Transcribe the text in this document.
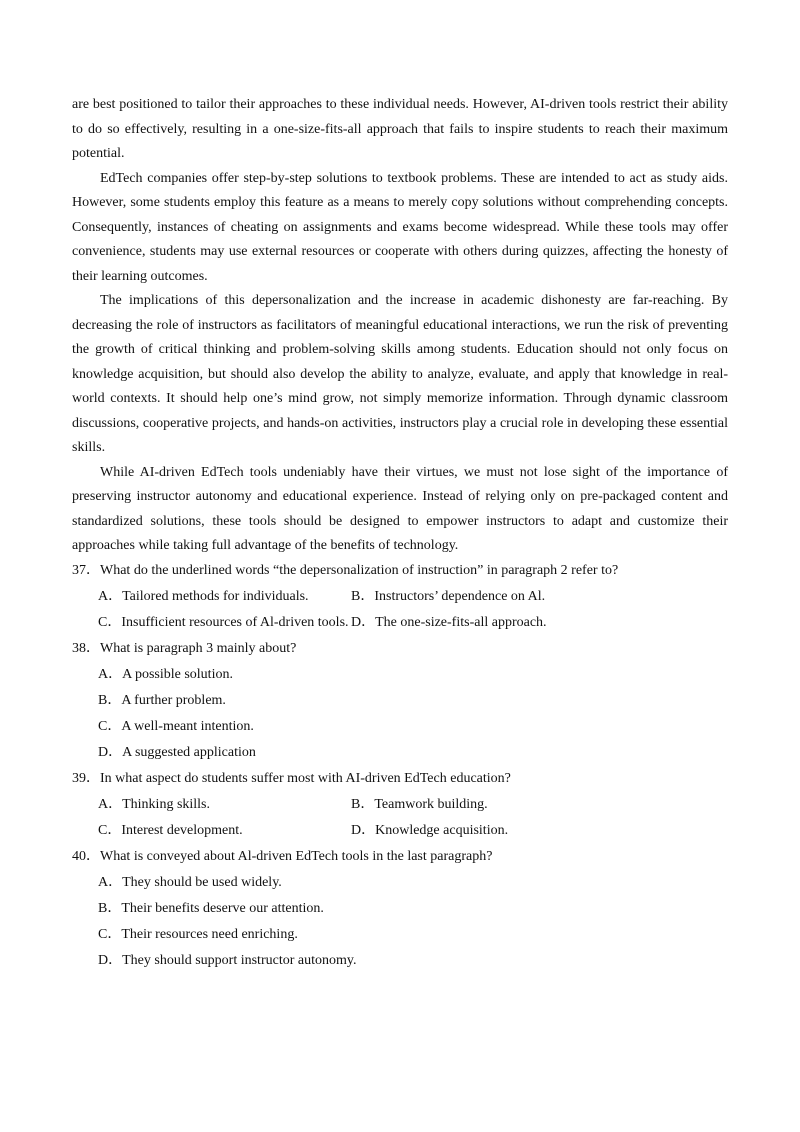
are best positioned to tailor their approaches to these individual needs. However, AI-driven tools restrict their ability to do so effectively, resulting in a one-size-fits-all approach that fails to inspire students to reach their maximum potential.

EdTech companies offer step-by-step solutions to textbook problems. These are intended to act as study aids. However, some students employ this feature as a means to merely copy solutions without comprehending concepts. Consequently, instances of cheating on assignments and exams become widespread. While these tools may offer convenience, students may use external resources or cooperate with others during quizzes, affecting the honesty of their learning outcomes.

The implications of this depersonalization and the increase in academic dishonesty are far-reaching. By decreasing the role of instructors as facilitators of meaningful educational interactions, we run the risk of preventing the growth of critical thinking and problem-solving skills among students. Education should not only focus on knowledge acquisition, but should also develop the ability to analyze, evaluate, and apply that knowledge in real-world contexts. It should help one’s mind grow, not simply memorize information. Through dynamic classroom discussions, cooperative projects, and hands-on activities, instructors play a crucial role in developing these essential skills.

While AI-driven EdTech tools undeniably have their virtues, we must not lose sight of the importance of preserving instructor autonomy and educational experience. Instead of relying only on pre-packaged content and standardized solutions, these tools should be designed to empower instructors to adapt and customize their approaches while taking full advantage of the benefits of technology.

37．What do the underlined words “the depersonalization of instruction” in paragraph 2 refer to?
A．Tailored methods for individuals.	B．Instructors’ dependence on Al.
C．Insufficient resources of Al-driven tools. D．The one-size-fits-all approach.
38．What is paragraph 3 mainly about?
A．A possible solution.
B．A further problem.
C．A well-meant intention.
D．A suggested application
39．In what aspect do students suffer most with AI-driven EdTech education?
A．Thinking skills.	B．Teamwork building.
C．Interest development.	D．Knowledge acquisition.
40．What is conveyed about Al-driven EdTech tools in the last paragraph?
A．They should be used widely.
B．Their benefits deserve our attention.
C．Their resources need enriching.
D．They should support instructor autonomy.
